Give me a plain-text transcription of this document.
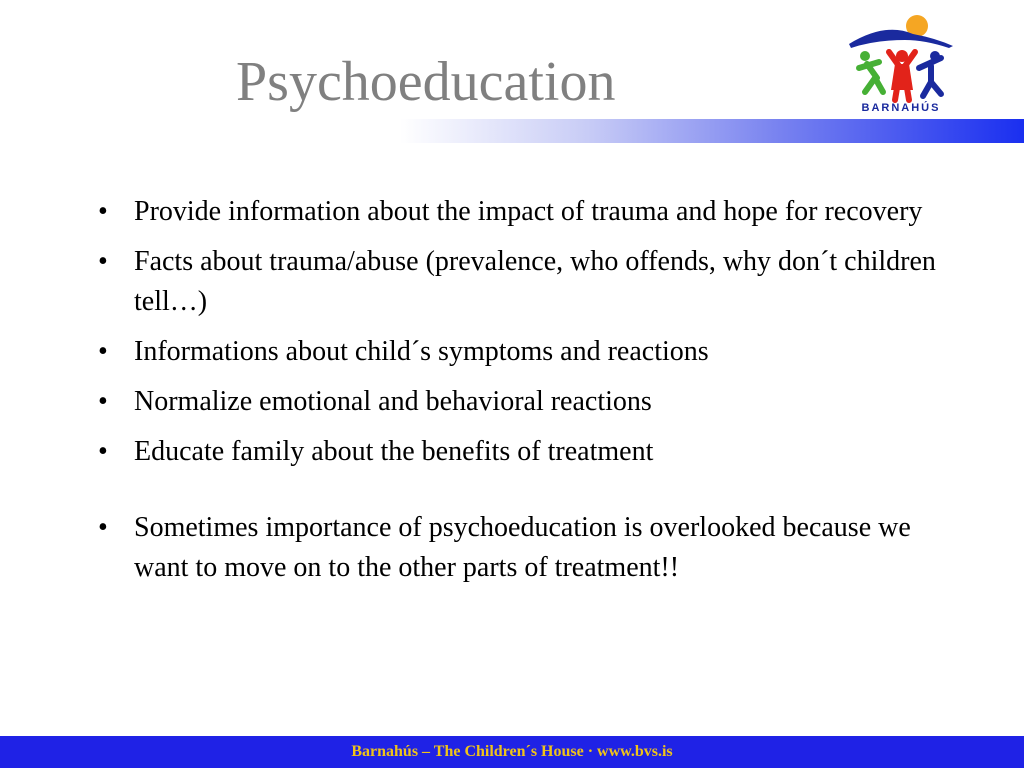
Psychoeducation	BARNAHÚS
• Provide information about the impact of trauma and hope for recovery
• Facts about trauma/abuse (prevalence, who offends, why don´t children tell…)
• Informations about child´s symptoms and reactions
• Normalize emotional and behavioral reactions
• Educate family about the benefits of treatment
• Sometimes importance of psychoeducation is overlooked because we want to move on to the other parts of treatment!!
Barnahús – The Children´s House · www.bvs.is
